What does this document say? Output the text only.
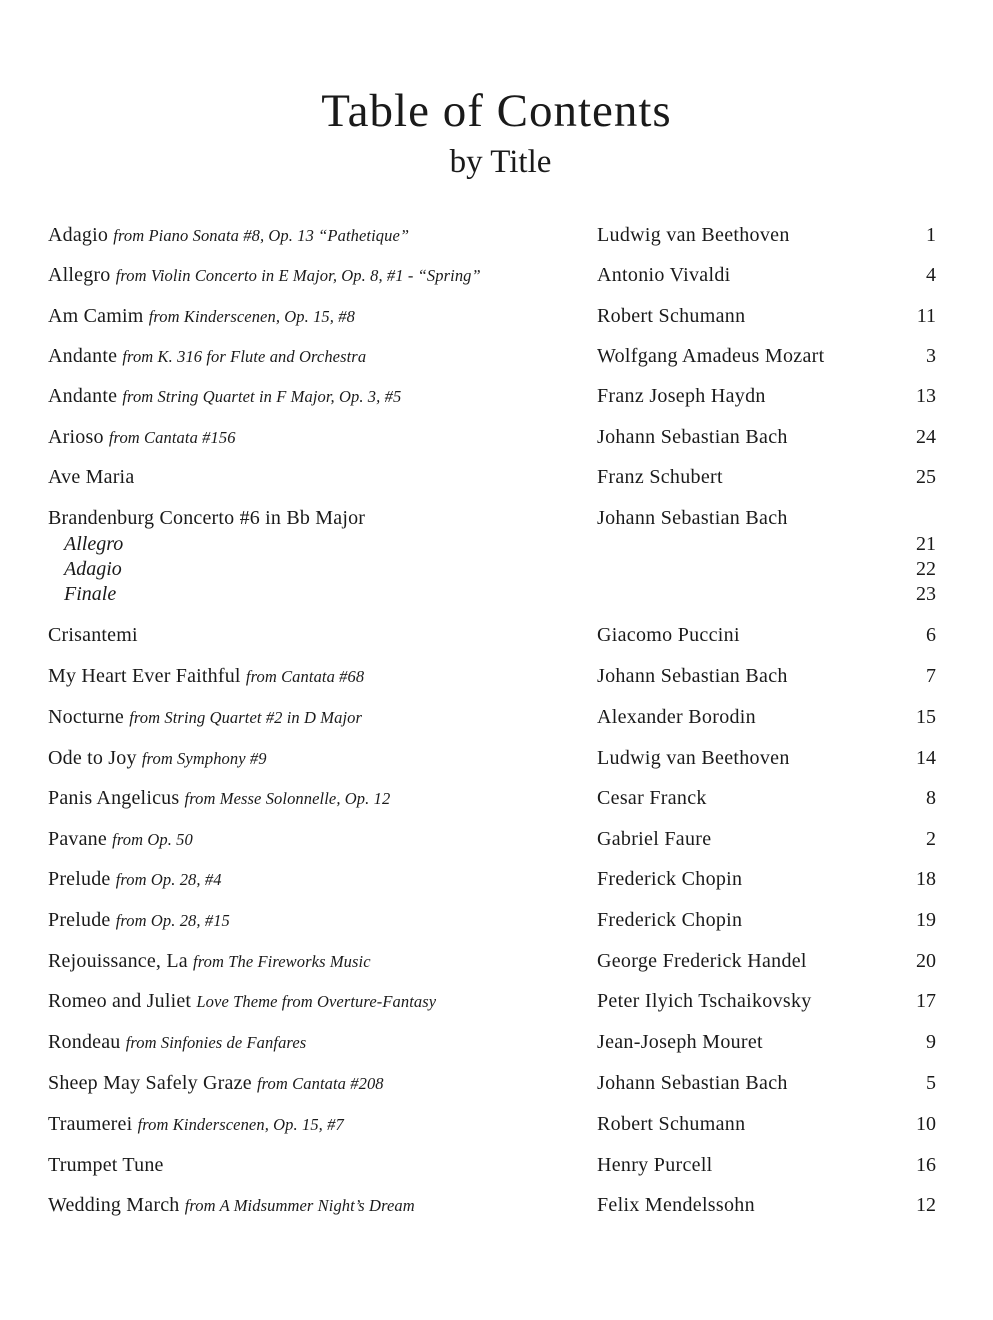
Table of Contents
by Title
Adagio from Piano Sonata #8, Op. 13 “Pathetique”	Ludwig van Beethoven	1
Allegro from Violin Concerto in E Major, Op. 8, #1 - “Spring”	Antonio Vivaldi	4
Am Camim from Kinderscenen, Op. 15, #8	Robert Schumann	11
Andante from K. 316 for Flute and Orchestra	Wolfgang Amadeus Mozart	3
Andante from String Quartet in F Major, Op. 3, #5	Franz Joseph Haydn	13
Arioso from Cantata #156	Johann Sebastian Bach	24
Ave Maria	Franz Schubert	25
Brandenburg Concerto #6 in Bb Major	Johann Sebastian Bach
Allegro	21
Adagio	22
Finale	23
Crisantemi	Giacomo Puccini	6
My Heart Ever Faithful from Cantata #68	Johann Sebastian Bach	7
Nocturne from String Quartet #2 in D Major	Alexander Borodin	15
Ode to Joy from Symphony #9	Ludwig van Beethoven	14
Panis Angelicus from Messe Solonnelle, Op. 12	Cesar Franck	8
Pavane from Op. 50	Gabriel Faure	2
Prelude from Op. 28, #4	Frederick Chopin	18
Prelude from Op. 28, #15	Frederick Chopin	19
Rejouissance, La from The Fireworks Music	George Frederick Handel	20
Romeo and Juliet Love Theme from Overture-Fantasy	Peter Ilyich Tschaikovsky	17
Rondeau from Sinfonies de Fanfares	Jean-Joseph Mouret	9
Sheep May Safely Graze from Cantata #208	Johann Sebastian Bach	5
Traumerei from Kinderscenen, Op. 15, #7	Robert Schumann	10
Trumpet Tune	Henry Purcell	16
Wedding March from A Midsummer Night’s Dream	Felix Mendelssohn	12
